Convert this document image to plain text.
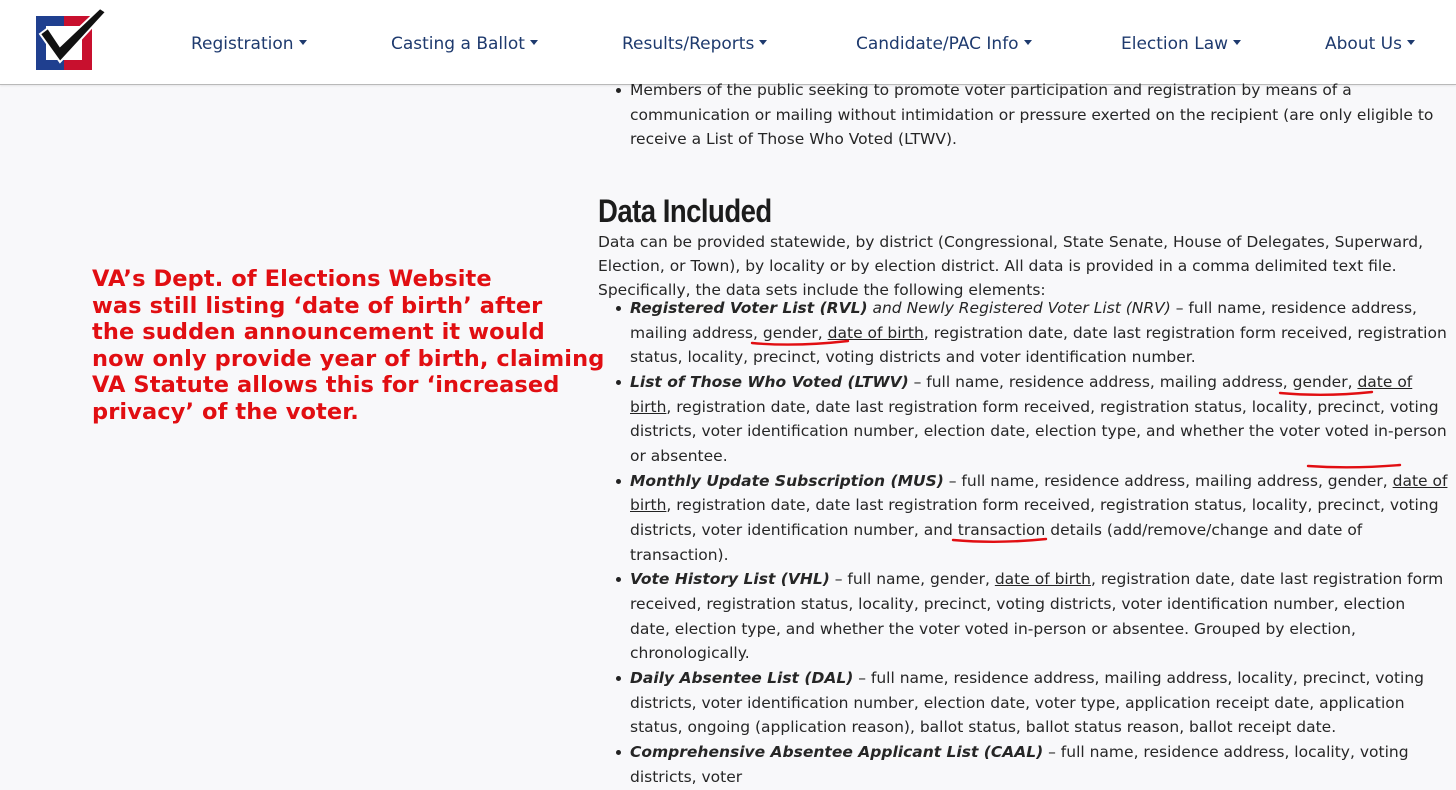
Registration	Casting a Ballot	Results/Reports	Candidate/PAC Info	Election Law	About Us
VA’s Dept. of Elections Website
was still listing ‘date of birth’ after
the sudden announcement it would
now only provide year of birth, claiming
VA Statute allows this for ‘increased
privacy’ of the voter.
Members of the public seeking to promote voter participation and registration by means of a communication or mailing without intimidation or pressure exerted on the recipient (are only eligible to receive a List of Those Who Voted (LTWV).
Data Included

Data can be provided statewide, by district (Congressional, State Senate, House of Delegates, Superward, Election, or Town), by locality or by election district. All data is provided in a comma delimited text file. Specifically, the data sets include the following elements:

Registered Voter List (RVL) and Newly Registered Voter List (NRV) – full name, residence address, mailing address, gender, date of birth, registration date, date last registration form received, registration status, locality, precinct, voting districts and voter identification number.
List of Those Who Voted (LTWV) – full name, residence address, mailing address, gender, date of birth, registration date, date last registration form received, registration status, locality, precinct, voting districts, voter identification number, election date, election type, and whether the voter voted in-person or absentee.
Monthly Update Subscription (MUS) – full name, residence address, mailing address, gender, date of birth, registration date, date last registration form received, registration status, locality, precinct, voting districts, voter identification number, and transaction details (add/remove/change and date of transaction).
Vote History List (VHL) – full name, gender, date of birth, registration date, date last registration form received, registration status, locality, precinct, voting districts, voter identification number, election date, election type, and whether the voter voted in-person or absentee. Grouped by election, chronologically.
Daily Absentee List (DAL) – full name, residence address, mailing address, locality, precinct, voting districts, voter identification number, election date, voter type, application receipt date, application status, ongoing (application reason), ballot status, ballot status reason, ballot receipt date.
Comprehensive Absentee Applicant List (CAAL) – full name, residence address, locality, voting districts, voter
